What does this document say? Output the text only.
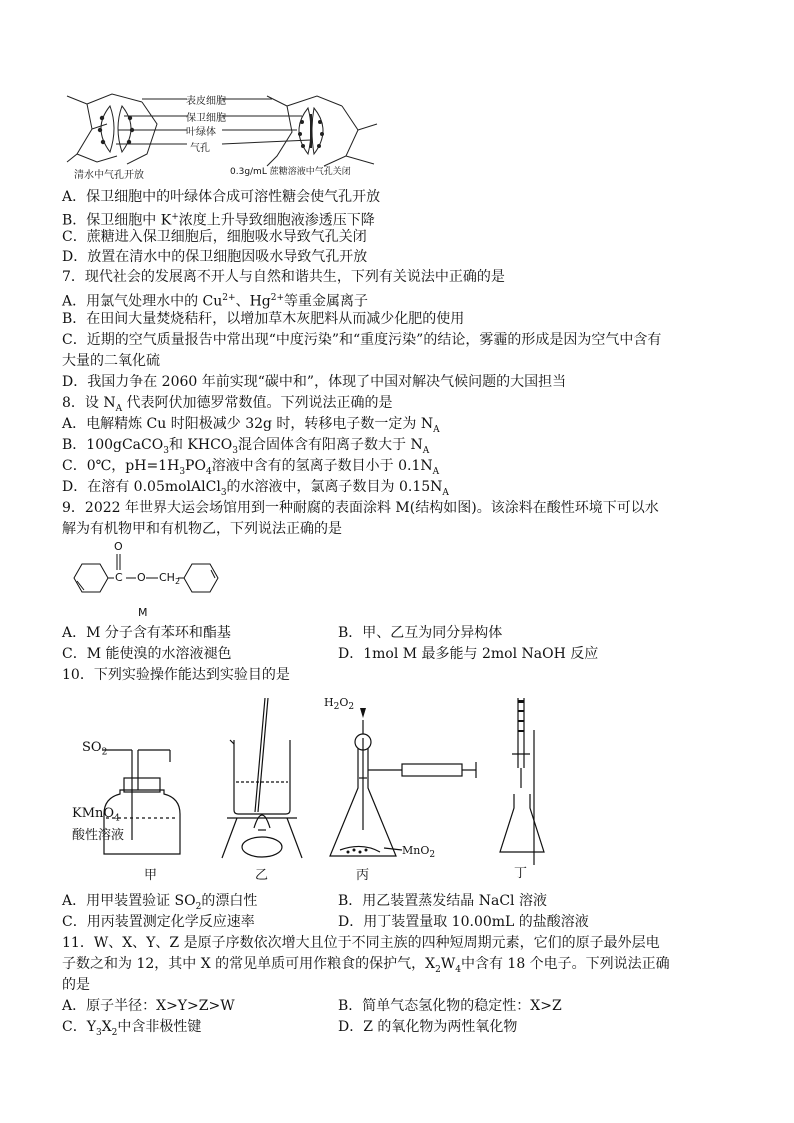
表皮细胞
保卫细胞
叶绿体
气孔
清水中气孔开放	0.3g/mL 蔗糖溶液中气孔关闭
A．保卫细胞中的叶绿体合成可溶性糖会使气孔开放
B．保卫细胞中 K+浓度上升导致细胞液渗透压下降
C．蔗糖进入保卫细胞后，细胞吸水导致气孔关闭
D．放置在清水中的保卫细胞因吸水导致气孔开放
7．现代社会的发展离不开人与自然和谐共生，下列有关说法中正确的是
A．用氯气处理水中的 $Cu^{2+}$、$Hg^{2+}$等重金属离子
B．在田间大量焚烧秸秆，以增加草木灰肥料从而减少化肥的使用
C．近期的空气质量报告中常出现“中度污染”和“重度污染”的结论，雾霾的形成是因为空气中含有
大量的二氧化硫
D．我国力争在 2060 年前实现“碳中和”，体现了中国对解决气候问题的大国担当
8．设 $N_A$ 代表阿伏加德罗常数值。下列说法正确的是
A．电解精炼 Cu 时阳极减少 32g 时，转移电子数一定为 $N_A$
B．100gCaCO$_3$和 $KHCO_3$混合固体含有阳离子数大于 $N_A$
C．0℃，$pH=1H_3PO_4$溶液中含有的氢离子数目小于 $0.1N_A$
D．在溶有 0.05molAlCl$_3$的水溶液中，氯离子数目为 $0.15N_A$
9．2022 年世界大运会场馆用到一种耐腐的表面涂料 M(结构如图)。该涂料在酸性环境下可以水
解为有机物甲和有机物乙，下列说法正确的是
O
C O $CH_2$
M
A．M 分子含有苯环和酯基	B．甲、乙互为同分异构体
C．M 能使溴的水溶液褪色	D．1mol M 最多能与 2mol NaOH 反应
10．下列实验操作能达到实验目的是
$SO_2$
KMnO$_4$
酸性溶液
$H_2O_2$
MnO$_2$
甲	乙	丙	丁
A．用甲装置验证 $SO_2$的漂白性	B．用乙装置蒸发结晶 NaCl 溶液
C．用丙装置测定化学反应速率	D．用丁装置量取 10.00mL 的盐酸溶液
11．W、X、Y、Z 是原子序数依次增大且位于不同主族的四种短周期元素，它们的原子最外层电
子数之和为 12，其中 X 的常见单质可用作粮食的保护气，$X_2W_4$中含有 18 个电子。下列说法正确
的是
A．原子半径：X>Y>Z>W	B．简单气态氢化物的稳定性：X>Z
C．$Y_3X_2$中含非极性键	D．Z 的氧化物为两性氧化物
